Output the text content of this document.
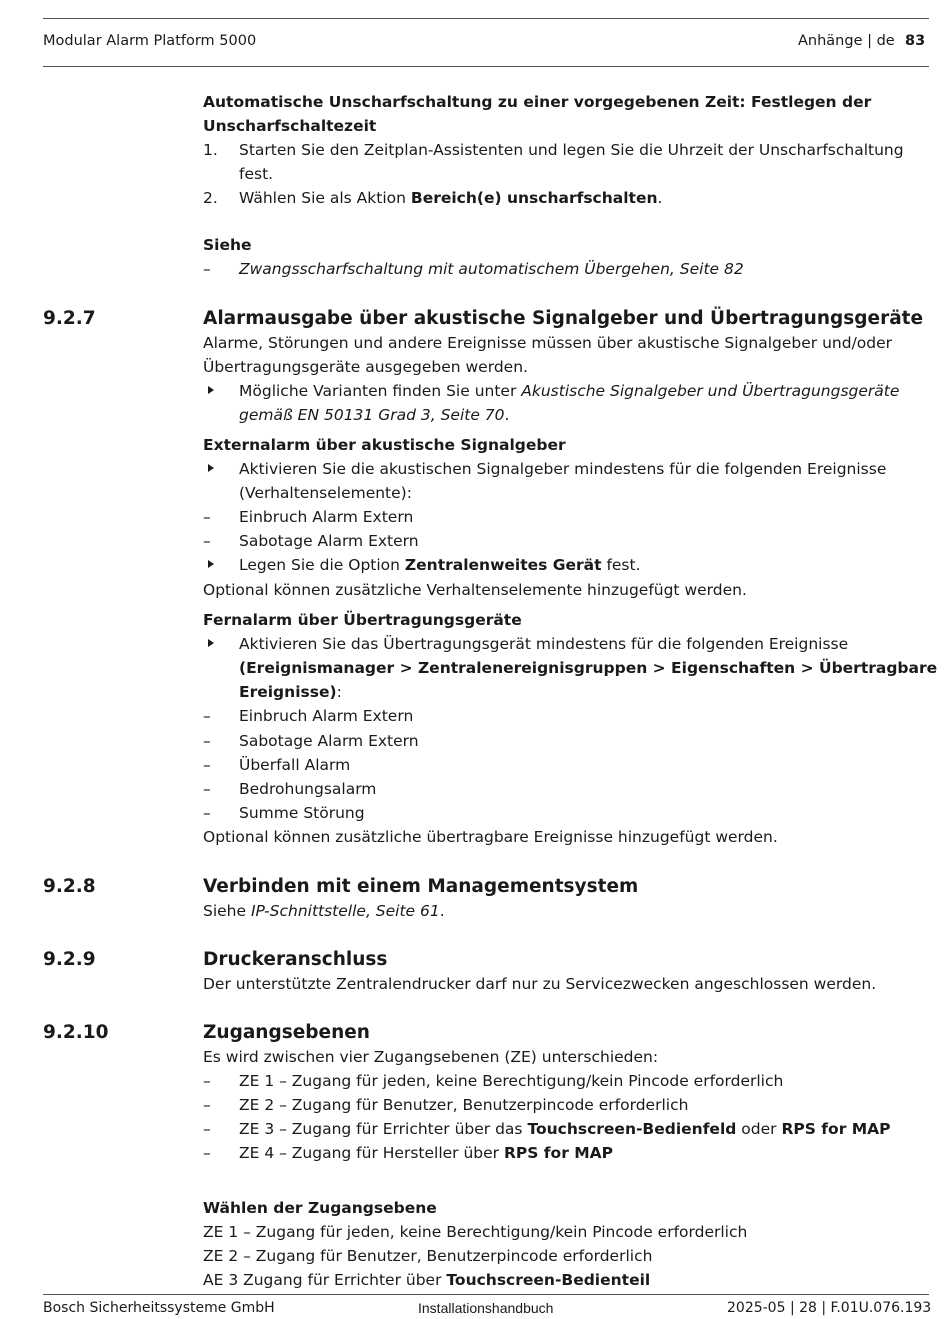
Modular Alarm Platform 5000	Anhänge | de 83
Automatische Unscharfschaltung zu einer vorgegebenen Zeit: Festlegen der
Unscharfschaltezeit
1. Starten Sie den Zeitplan-Assistenten und legen Sie die Uhrzeit der Unscharfschaltung
fest.
2. Wählen Sie als Aktion Bereich(e) unscharfschalten.
Siehe
– Zwangsscharfschaltung mit automatischem Übergehen, Seite 82
9.2.7	Alarmausgabe über akustische Signalgeber und Übertragungsgeräte
Alarme, Störungen und andere Ereignisse müssen über akustische Signalgeber und/oder
Übertragungsgeräte ausgegeben werden.
Mögliche Varianten finden Sie unter Akustische Signalgeber und Übertragungsgeräte
gemäß EN 50131 Grad 3, Seite 70.
Externalarm über akustische Signalgeber
Aktivieren Sie die akustischen Signalgeber mindestens für die folgenden Ereignisse
(Verhaltenselemente):
– Einbruch Alarm Extern
– Sabotage Alarm Extern
Legen Sie die Option Zentralenweites Gerät fest.
Optional können zusätzliche Verhaltenselemente hinzugefügt werden.
Fernalarm über Übertragungsgeräte
Aktivieren Sie das Übertragungsgerät mindestens für die folgenden Ereignisse
(Ereignismanager > Zentralenereignisgruppen > Eigenschaften > Übertragbare
Ereignisse):
– Einbruch Alarm Extern
– Sabotage Alarm Extern
– Überfall Alarm
– Bedrohungsalarm
– Summe Störung
Optional können zusätzliche übertragbare Ereignisse hinzugefügt werden.
9.2.8	Verbinden mit einem Managementsystem
Siehe IP-Schnittstelle, Seite 61.
9.2.9	Druckeranschluss
Der unterstützte Zentralendrucker darf nur zu Servicezwecken angeschlossen werden.
9.2.10	Zugangsebenen
Es wird zwischen vier Zugangsebenen (ZE) unterschieden:
– ZE 1 – Zugang für jeden, keine Berechtigung/kein Pincode erforderlich
– ZE 2 – Zugang für Benutzer, Benutzerpincode erforderlich
– ZE 3 – Zugang für Errichter über das Touchscreen-Bedienfeld oder RPS for MAP
– ZE 4 – Zugang für Hersteller über RPS for MAP
Wählen der Zugangsebene
ZE 1 – Zugang für jeden, keine Berechtigung/kein Pincode erforderlich
ZE 2 – Zugang für Benutzer, Benutzerpincode erforderlich
AE 3 Zugang für Errichter über Touchscreen-Bedienteil
Bosch Sicherheitssysteme GmbH	Installationshandbuch	2025-05 | 28 | F.01U.076.193
